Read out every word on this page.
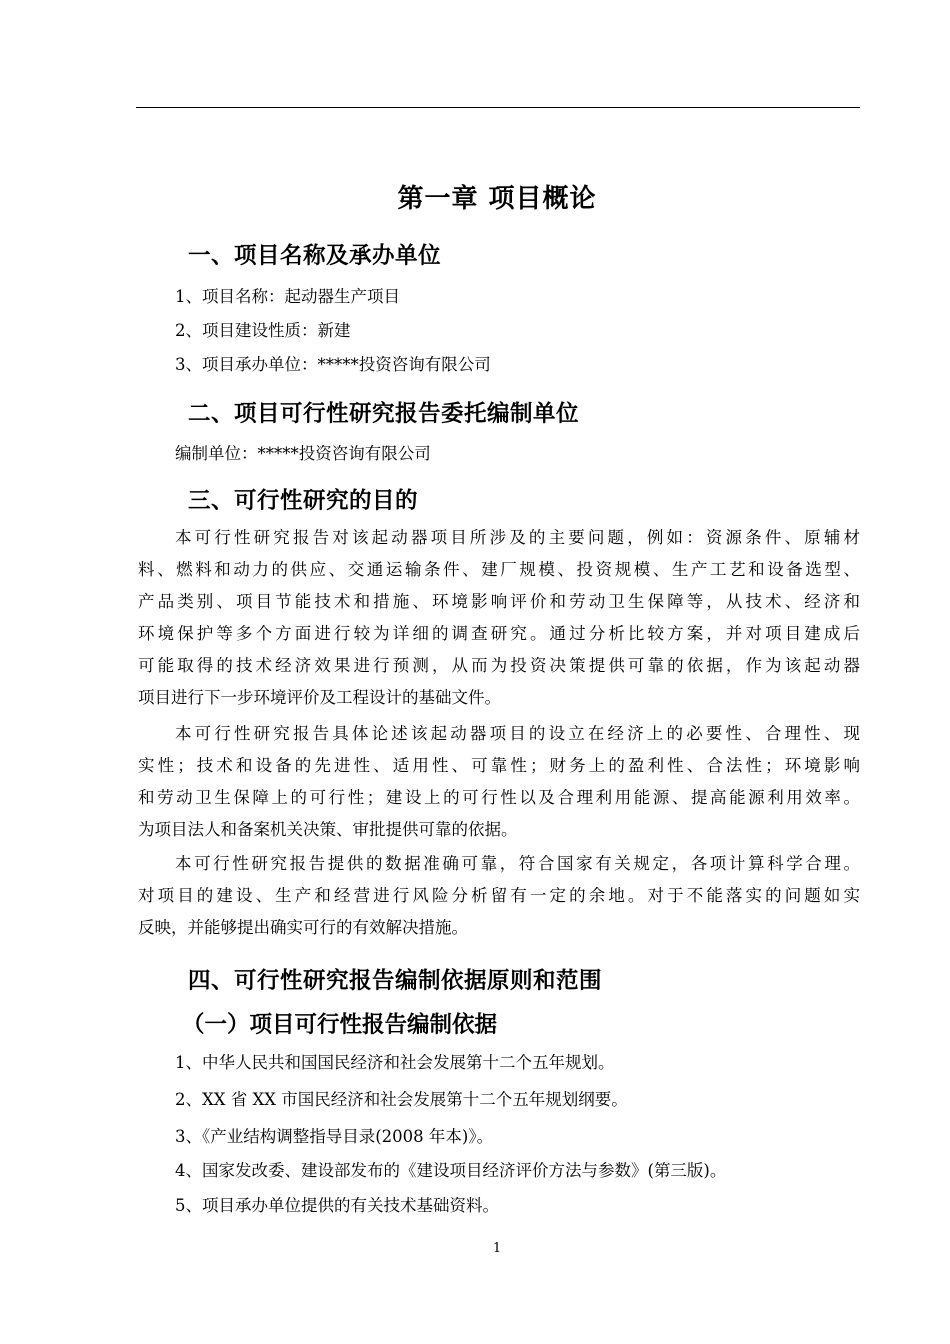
第一章 项目概论
一、项目名称及承办单位
1、项目名称：起动器生产项目
2、项目建设性质：新建
3、项目承办单位：*****投资咨询有限公司
二、项目可行性研究报告委托编制单位
编制单位：*****投资咨询有限公司
三、可行性研究的目的
本可行性研究报告对该起动器项目所涉及的主要问题，例如：资源条件、原辅材
料、燃料和动力的供应、交通运输条件、建厂规模、投资规模、生产工艺和设备选型、
产品类别、项目节能技术和措施、环境影响评价和劳动卫生保障等，从技术、经济和
环境保护等多个方面进行较为详细的调查研究。通过分析比较方案，并对项目建成后
可能取得的技术经济效果进行预测，从而为投资决策提供可靠的依据，作为该起动器
项目进行下一步环境评价及工程设计的基础文件。
本可行性研究报告具体论述该起动器项目的设立在经济上的必要性、合理性、现
实性；技术和设备的先进性、适用性、可靠性；财务上的盈利性、合法性；环境影响
和劳动卫生保障上的可行性；建设上的可行性以及合理利用能源、提高能源利用效率。
为项目法人和备案机关决策、审批提供可靠的依据。
本可行性研究报告提供的数据准确可靠，符合国家有关规定，各项计算科学合理。
对项目的建设、生产和经营进行风险分析留有一定的余地。对于不能落实的问题如实
反映，并能够提出确实可行的有效解决措施。
四、可行性研究报告编制依据原则和范围
（一）项目可行性报告编制依据
1、中华人民共和国国民经济和社会发展第十二个五年规划。
2、XX 省 XX 市国民经济和社会发展第十二个五年规划纲要。
3、《产业结构调整指导目录(2008 年本)》。
4、国家发改委、建设部发布的《建设项目经济评价方法与参数》(第三版)。
5、项目承办单位提供的有关技术基础资料。
1
